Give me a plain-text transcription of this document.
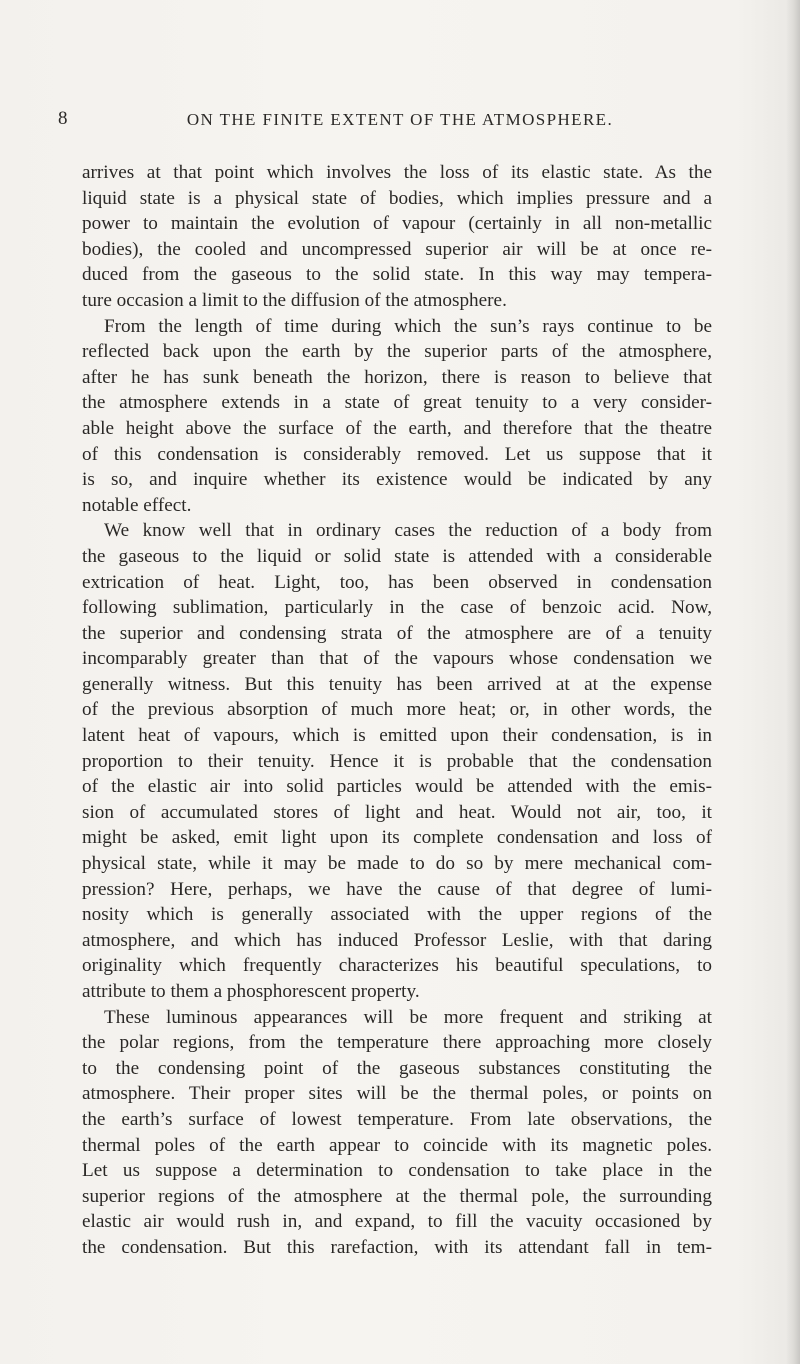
8	ON THE FINITE EXTENT OF THE ATMOSPHERE.
arrives at that point which involves the loss of its elastic state. As the
liquid state is a physical state of bodies, which implies pressure and a
power to maintain the evolution of vapour (certainly in all non-metallic
bodies), the cooled and uncompressed superior air will be at once re-
duced from the gaseous to the solid state. In this way may tempera-
ture occasion a limit to the diffusion of the atmosphere.
From the length of time during which the sun’s rays continue to be
reflected back upon the earth by the superior parts of the atmosphere,
after he has sunk beneath the horizon, there is reason to believe that
the atmosphere extends in a state of great tenuity to a very consider-
able height above the surface of the earth, and therefore that the theatre
of this condensation is considerably removed. Let us suppose that it
is so, and inquire whether its existence would be indicated by any
notable effect.
We know well that in ordinary cases the reduction of a body from
the gaseous to the liquid or solid state is attended with a considerable
extrication of heat. Light, too, has been observed in condensation
following sublimation, particularly in the case of benzoic acid. Now,
the superior and condensing strata of the atmosphere are of a tenuity
incomparably greater than that of the vapours whose condensation we
generally witness. But this tenuity has been arrived at at the expense
of the previous absorption of much more heat; or, in other words, the
latent heat of vapours, which is emitted upon their condensation, is in
proportion to their tenuity. Hence it is probable that the condensation
of the elastic air into solid particles would be attended with the emis-
sion of accumulated stores of light and heat. Would not air, too, it
might be asked, emit light upon its complete condensation and loss of
physical state, while it may be made to do so by mere mechanical com-
pression? Here, perhaps, we have the cause of that degree of lumi-
nosity which is generally associated with the upper regions of the
atmosphere, and which has induced Professor Leslie, with that daring
originality which frequently characterizes his beautiful speculations, to
attribute to them a phosphorescent property.
These luminous appearances will be more frequent and striking at
the polar regions, from the temperature there approaching more closely
to the condensing point of the gaseous substances constituting the
atmosphere. Their proper sites will be the thermal poles, or points on
the earth’s surface of lowest temperature. From late observations, the
thermal poles of the earth appear to coincide with its magnetic poles.
Let us suppose a determination to condensation to take place in the
superior regions of the atmosphere at the thermal pole, the surrounding
elastic air would rush in, and expand, to fill the vacuity occasioned by
the condensation. But this rarefaction, with its attendant fall in tem-
